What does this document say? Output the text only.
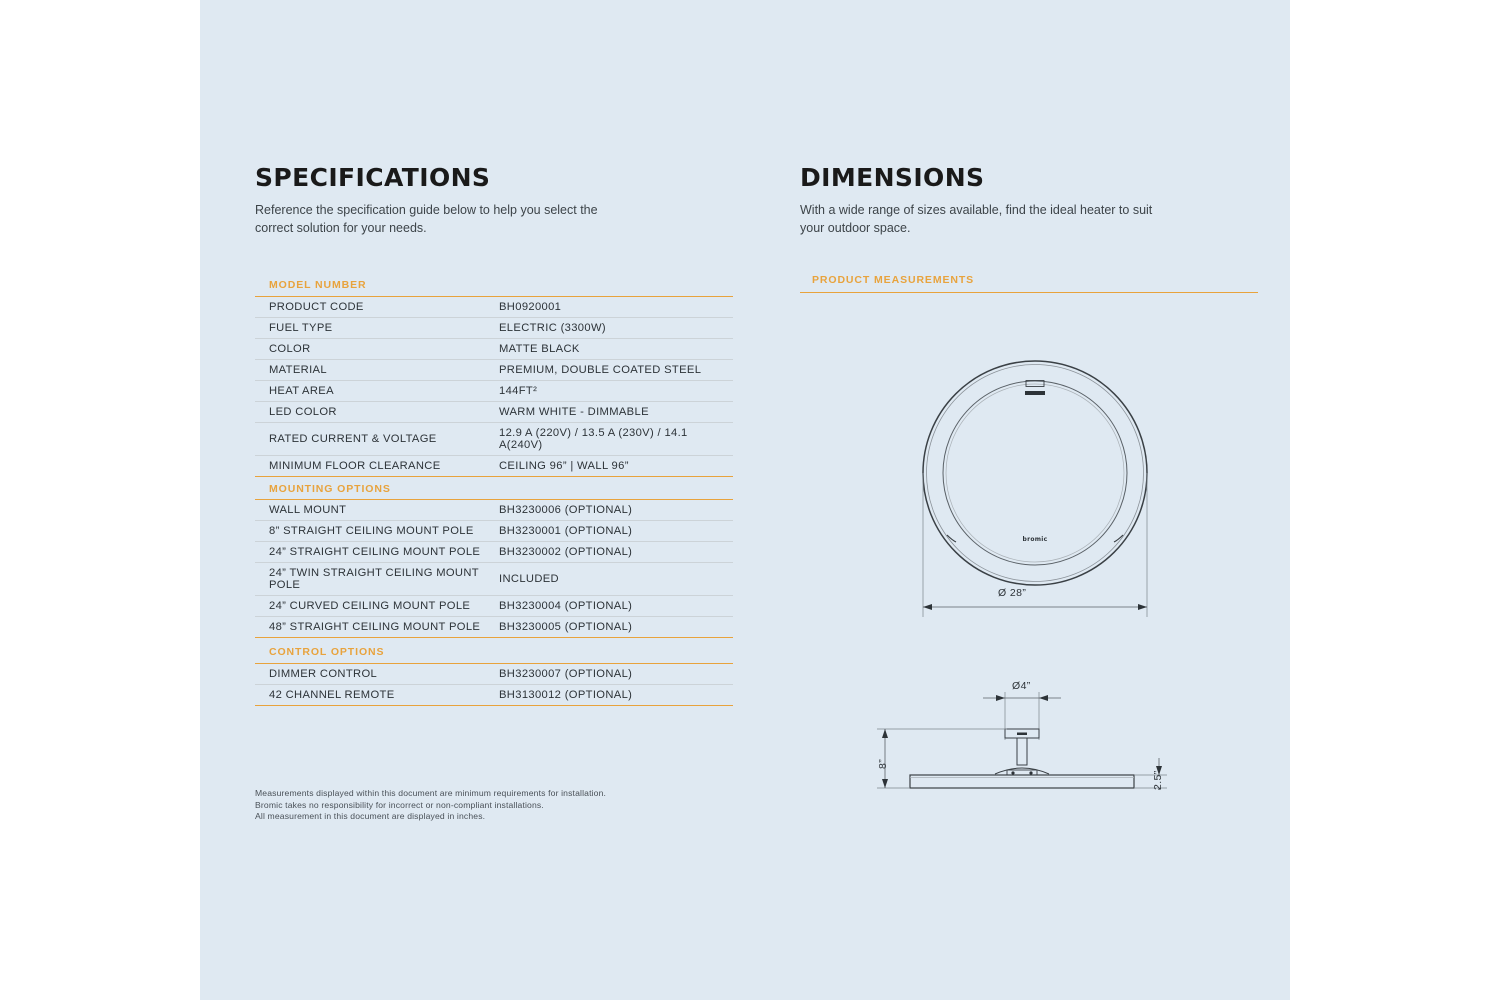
SPECIFICATIONS

Reference the specification guide below to help you select the correct solution for your needs.

MODEL NUMBER
PRODUCT CODE	BH0920001
FUEL TYPE	ELECTRIC (3300W)
COLOR	MATTE BLACK
MATERIAL	PREMIUM, DOUBLE COATED STEEL
HEAT AREA	144FT²
LED COLOR	WARM WHITE - DIMMABLE
RATED CURRENT & VOLTAGE	12.9 A (220V) / 13.5 A (230V) / 14.1 A(240V)
MINIMUM FLOOR CLEARANCE	CEILING 96” | WALL 96”
MOUNTING OPTIONS
WALL MOUNT	BH3230006 (OPTIONAL)
8” STRAIGHT CEILING MOUNT POLE	BH3230001 (OPTIONAL)
24” STRAIGHT CEILING MOUNT POLE	BH3230002 (OPTIONAL)
24” TWIN STRAIGHT CEILING MOUNT POLE	INCLUDED
24” CURVED CEILING MOUNT POLE	BH3230004 (OPTIONAL)
48” STRAIGHT CEILING MOUNT POLE	BH3230005 (OPTIONAL)
CONTROL OPTIONS
DIMMER CONTROL	BH3230007 (OPTIONAL)
42 CHANNEL REMOTE	BH3130012 (OPTIONAL)
Measurements displayed within this document are minimum requirements for installation.
Bromic takes no responsibility for incorrect or non-compliant installations.
All measurement in this document are displayed in inches.
DIMENSIONS

With a wide range of sizes available, find the ideal heater to suit your outdoor space.

PRODUCT MEASUREMENTS
bromic
Ø 28”
Ø4”
8”
2.5”
